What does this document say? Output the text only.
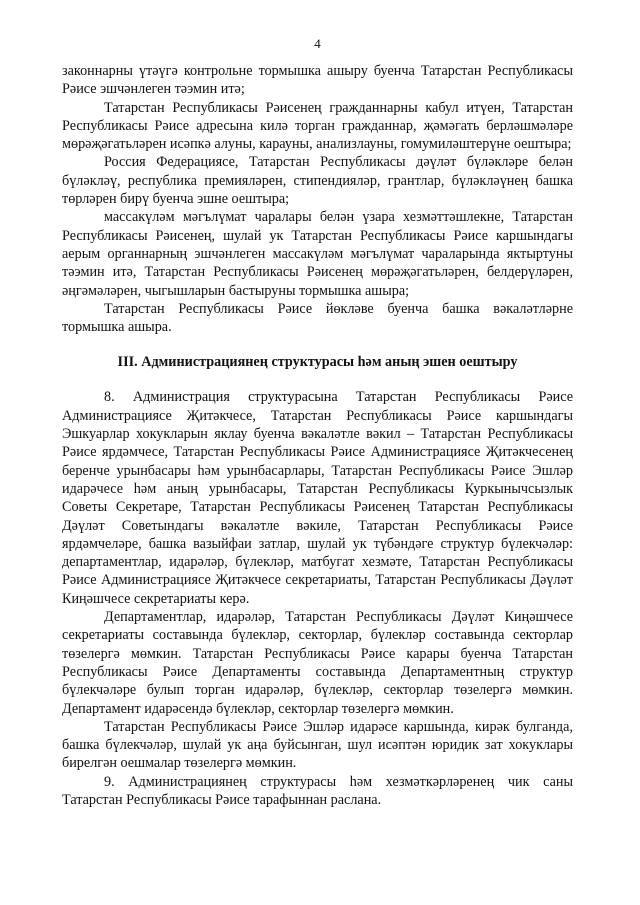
4

законнарны үтәүгә контрольне тормышка ашыру буенча Татарстан Республикасы Рәисе эшчәнлеген тәэмин итә;

Татарстан Республикасы Рәисенең гражданнарны кабул итүен, Татарстан Республикасы Рәисе адресына килә торган гражданнар, җәмәгать берләшмәләре мөрәҗәгатьләрен исәпкә алуны, карауны, анализлауны, гомумиләштерүне оештыра;

Россия Федерациясе, Татарстан Республикасы дәүләт бүләкләре белән бүләкләү, республика премияләрен, стипендияләр, грантлар, бүләкләүнең башка төрләрен бирү буенча эшне оештыра;

массакүләм мәгълүмат чаралары белән үзара хезмәттәшлекне, Татарстан Республикасы Рәисенең, шулай ук Татарстан Республикасы Рәисе каршындагы аерым органнарның эшчәнлеген массакүләм мәгълүмат чараларында яктыртуны тәэмин итә, Татарстан Республикасы Рәисенең мөрәҗәгатьләрен, белдерүләрен, әңгәмәләрен, чыгышларын бастыруны тормышка ашыра;

Татарстан Республикасы Рәисе йөкләве буенча башка вәкаләтләрне тормышка ашыра.

III. Администрациянең структурасы һәм аның эшен оештыру

8. Администрация структурасына Татарстан Республикасы Рәисе Администрациясе Җитәкчесе, Татарстан Республикасы Рәисе каршындагы Эшкуарлар хокукларын яклау буенча вәкаләтле вәкил – Татарстан Республикасы Рәисе ярдәмчесе, Татарстан Республикасы Рәисе Администрациясе Җитәкчесенең беренче урынбасары һәм урынбасарлары, Татарстан Республикасы Рәисе Эшләр идарәчесе һәм аның урынбасары, Татарстан Республикасы Куркынычсызлык Советы Секретаре, Татарстан Республикасы Рәисенең Татарстан Республикасы Дәүләт Советындагы вәкаләтле вәкиле, Татарстан Республикасы Рәисе ярдәмчеләре, башка вазыйфаи затлар, шулай ук түбәндәге структур бүлекчәләр: департаментлар, идарәләр, бүлекләр, матбугат хезмәте, Татарстан Республикасы Рәисе Администрациясе Җитәкчесе секретариаты, Татарстан Республикасы Дәүләт Киңәшчесе секретариаты керә.

Департаментлар, идарәләр, Татарстан Республикасы Дәүләт Киңәшчесе секретариаты составында бүлекләр, секторлар, бүлекләр составында секторлар төзелергә мөмкин. Татарстан Республикасы Рәисе карары буенча Татарстан Республикасы Рәисе Департаменты составында Департаментның структур бүлекчәләре булып торган идарәләр, бүлекләр, секторлар төзелергә мөмкин. Департамент идарәсендә бүлекләр, секторлар төзелергә мөмкин.

Татарстан Республикасы Рәисе Эшләр идарәсе каршында, кирәк булганда, башка бүлекчәләр, шулай ук аңа буйсынган, шул исәптән юридик зат хокуклары бирелгән оешмалар төзелергә мөмкин.

9. Администрациянең структурасы һәм хезмәткәрләренең чик саны Татарстан Республикасы Рәисе тарафыннан раслана.
